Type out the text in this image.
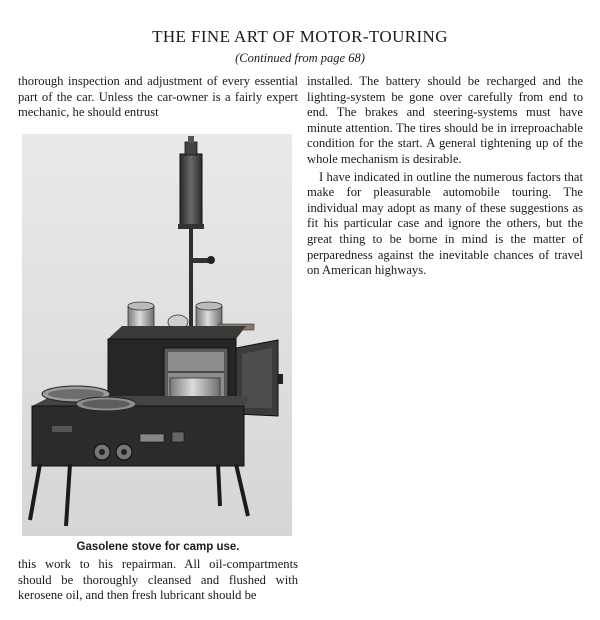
THE FINE ART OF MOTOR-TOURING

(Continued from page 68)

thorough inspection and adjustment of every essential part of the car. Unless the car-owner is a fairly expert mechanic, he should entrust

Gasolene stove for camp use.

this work to his repairman. All oil-compartments should be thoroughly cleansed and flushed with kerosene oil, and then fresh lubricant should be

installed. The battery should be recharged and the lighting-system be gone over carefully from end to end. The brakes and steering-systems must have minute attention. The tires should be in irreproachable condition for the start. A general tightening up of the whole mechanism is desirable.

I have indicated in outline the numerous factors that make for pleasurable automobile touring. The individual may adopt as many of these suggestions as fit his particular case and ignore the others, but the great thing to be borne in mind is the matter of perparedness against the inevitable chances of travel on American highways.
